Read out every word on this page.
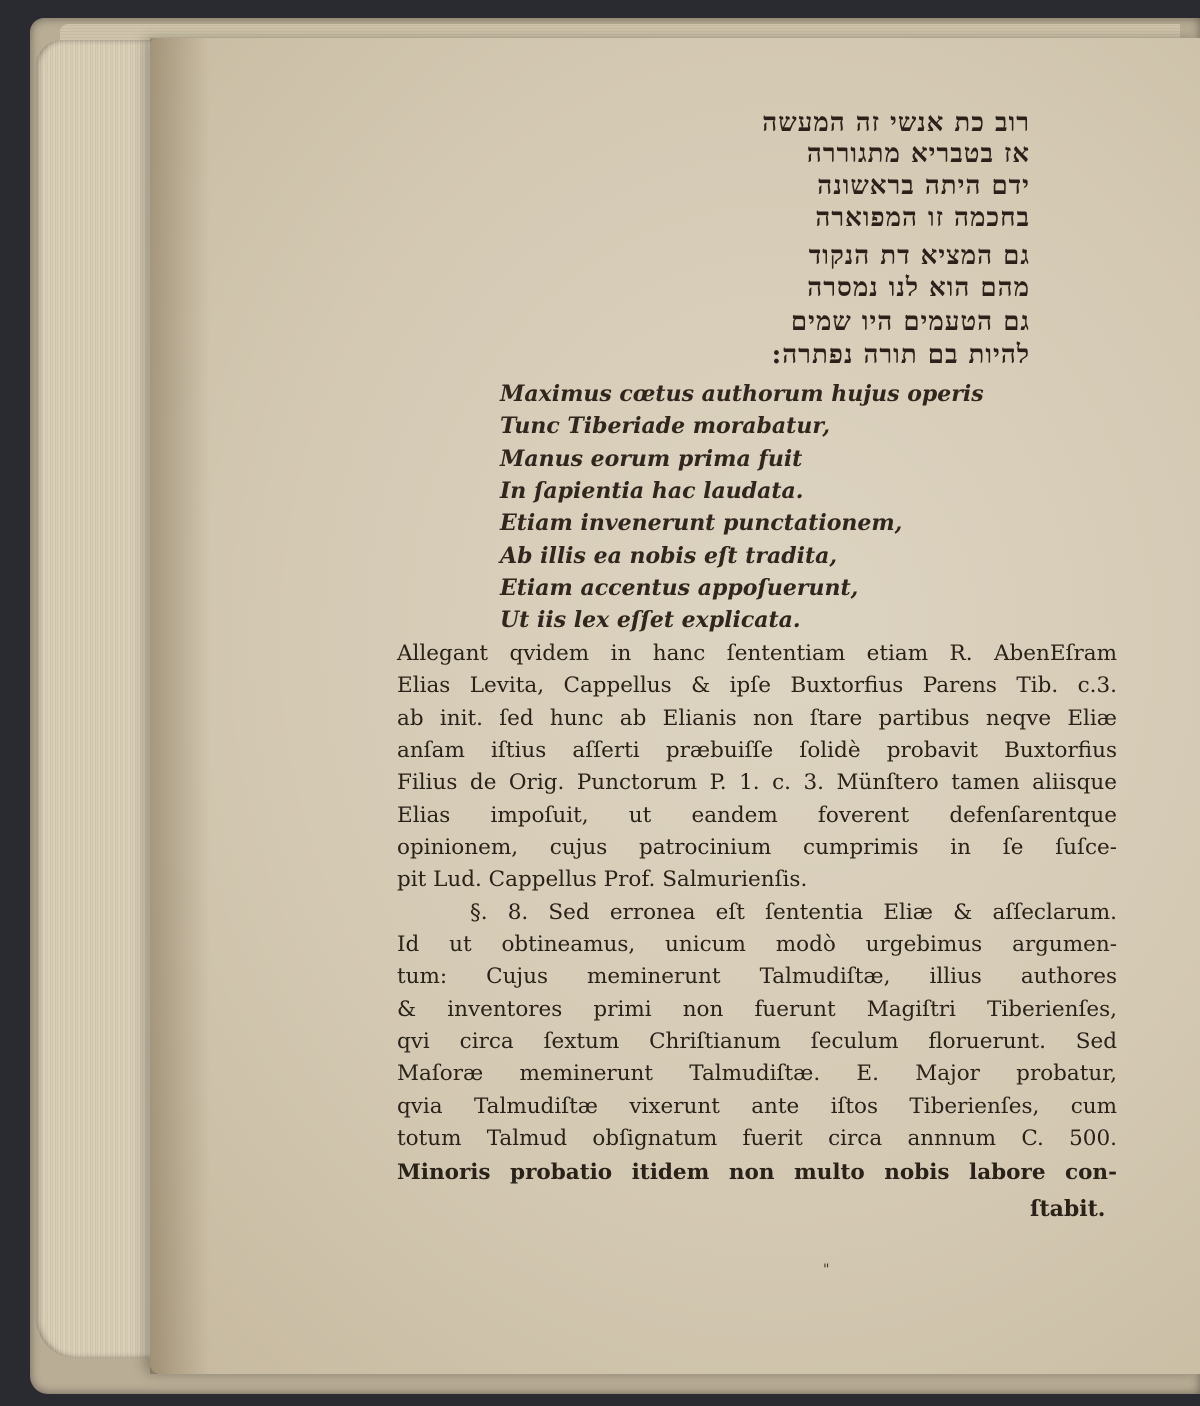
רוב כת אנשי זה המעשה
אז בטבריא מתגוררה
ידם היתה בראשונה
בחכמה זו המפוארה
גם המציא דת הנקוד
מהם הוא לנו נמסרה
גם הטעמים היו שמים
להיות בם תורה נפתרה:
Maximus cœtus authorum hujus operis
Tunc Tiberiade morabatur,
Manus eorum prima fuit
In ſapientia hac laudata.
Etiam invenerunt punctationem,
Ab illis ea nobis eſt tradita,
Etiam accentus appoſuerunt,
Ut iis lex eſſet explicata.
Allegant qvidem in hanc ſententiam etiam R. AbenEſram
Elias Levita, Cappellus & ipſe Buxtorfius Parens Tib. c.3.
ab init. ſed hunc ab Elianis non ſtare partibus neqve Eliæ
anſam iſtius aſſerti præbuiſſe ſolidè probavit Buxtorfius
Filius de Orig. Punctorum P. 1. c. 3. Münſtero tamen aliisque
Elias impoſuit, ut eandem foverent defenſarentque
opinionem, cujus patrocinium cumprimis in ſe ſuſce-
pit Lud. Cappellus Prof. Salmurienſis.
§. 8. Sed erronea eſt ſententia Eliæ & aſſeclarum.
Id ut obtineamus, unicum modò urgebimus argumen-
tum: Cujus meminerunt Talmudiſtæ, illius authores
& inventores primi non fuerunt Magiſtri Tiberienſes,
qvi circa ſextum Chriſtianum ſeculum floruerunt. Sed
Maſoræ meminerunt Talmudiſtæ. E. Major probatur,
qvia Talmudiſtæ vixerunt ante iſtos Tiberienſes, cum
totum Talmud obſignatum fuerit circa annnum C. 500.
Minoris probatio itidem non multo nobis labore con-
ſtabit.
"
